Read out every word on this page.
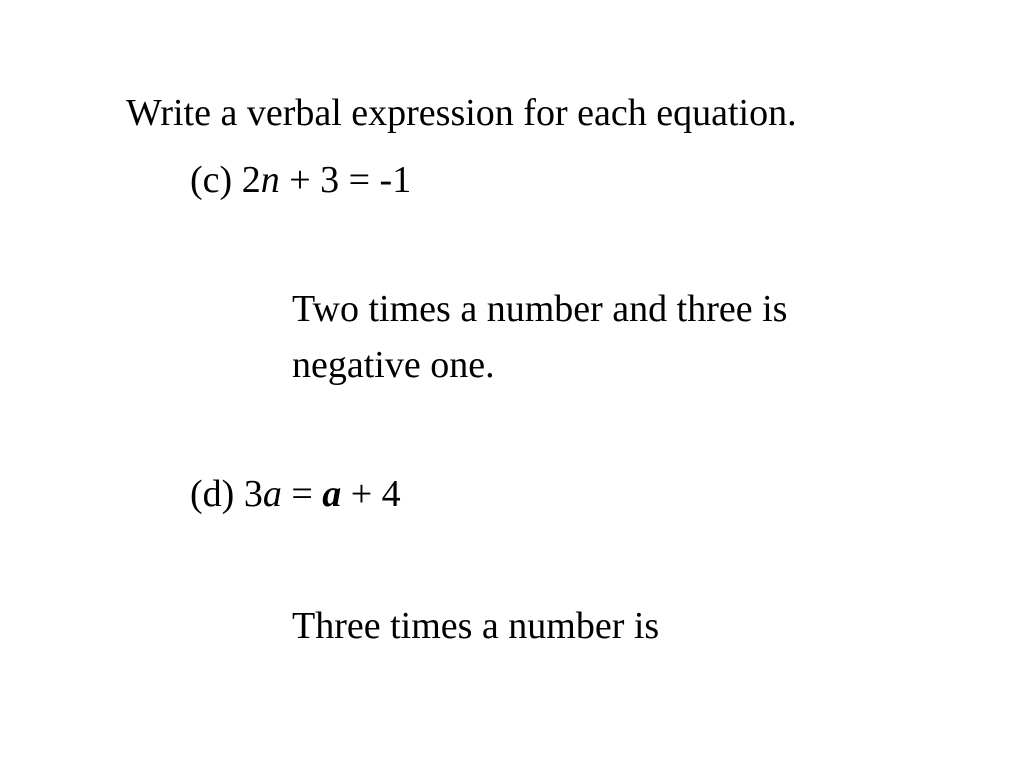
Write a verbal expression for each equation.

(c) 2n + 3 = -1

Two times a number and three is

negative one.

(d) 3a = a + 4

Three times a number is
